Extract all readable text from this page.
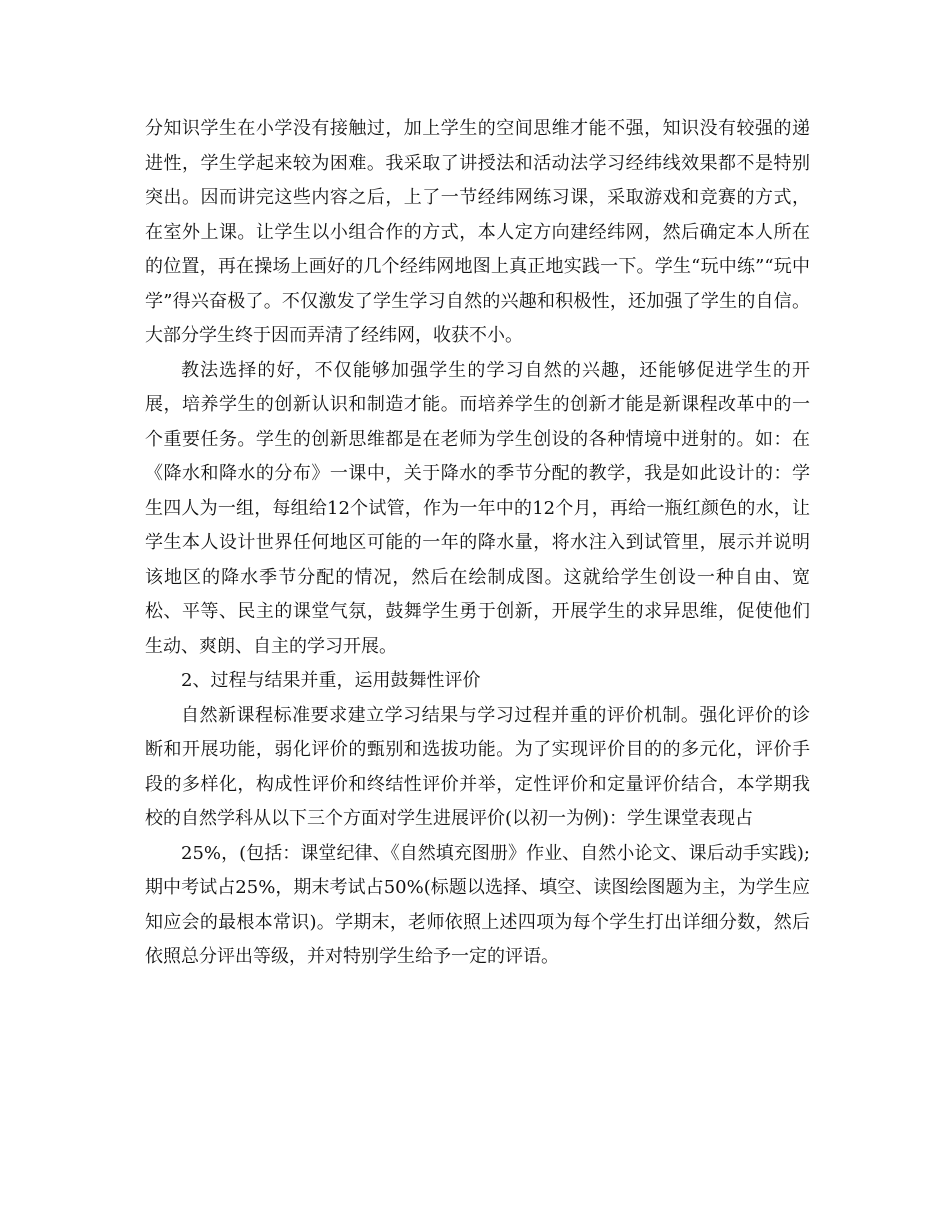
分知识学生在小学没有接触过，加上学生的空间思维才能不强，知识没有较强的递进性，学生学起来较为困难。我采取了讲授法和活动法学习经纬线效果都不是特别突出。因而讲完这些内容之后，上了一节经纬网练习课，采取游戏和竞赛的方式，在室外上课。让学生以小组合作的方式，本人定方向建经纬网，然后确定本人所在的位置，再在操场上画好的几个经纬网地图上真正地实践一下。学生“玩中练”“玩中学”得兴奋极了。不仅激发了学生学习自然的兴趣和积极性，还加强了学生的自信。大部分学生终于因而弄清了经纬网，收获不小。

教法选择的好，不仅能够加强学生的学习自然的兴趣，还能够促进学生的开展，培养学生的创新认识和制造才能。而培养学生的创新才能是新课程改革中的一个重要任务。学生的创新思维都是在老师为学生创设的各种情境中迸射的。如：在《降水和降水的分布》一课中，关于降水的季节分配的教学，我是如此设计的：学生四人为一组，每组给12个试管，作为一年中的12个月，再给一瓶红颜色的水，让学生本人设计世界任何地区可能的一年的降水量，将水注入到试管里，展示并说明该地区的降水季节分配的情况，然后在绘制成图。这就给学生创设一种自由、宽松、平等、民主的课堂气氛，鼓舞学生勇于创新，开展学生的求异思维，促使他们生动、爽朗、自主的学习开展。

2、过程与结果并重，运用鼓舞性评价

自然新课程标准要求建立学习结果与学习过程并重的评价机制。强化评价的诊断和开展功能，弱化评价的甄别和选拔功能。为了实现评价目的的多元化，评价手段的多样化，构成性评价和终结性评价并举，定性评价和定量评价结合，本学期我校的自然学科从以下三个方面对学生进展评价(以初一为例)：学生课堂表现占

25%，(包括：课堂纪律、《自然填充图册》作业、自然小论文、课后动手实践);期中考试占25%，期末考试占50%(标题以选择、填空、读图绘图题为主，为学生应知应会的最根本常识)。学期末，老师依照上述四项为每个学生打出详细分数，然后依照总分评出等级，并对特别学生给予一定的评语。
